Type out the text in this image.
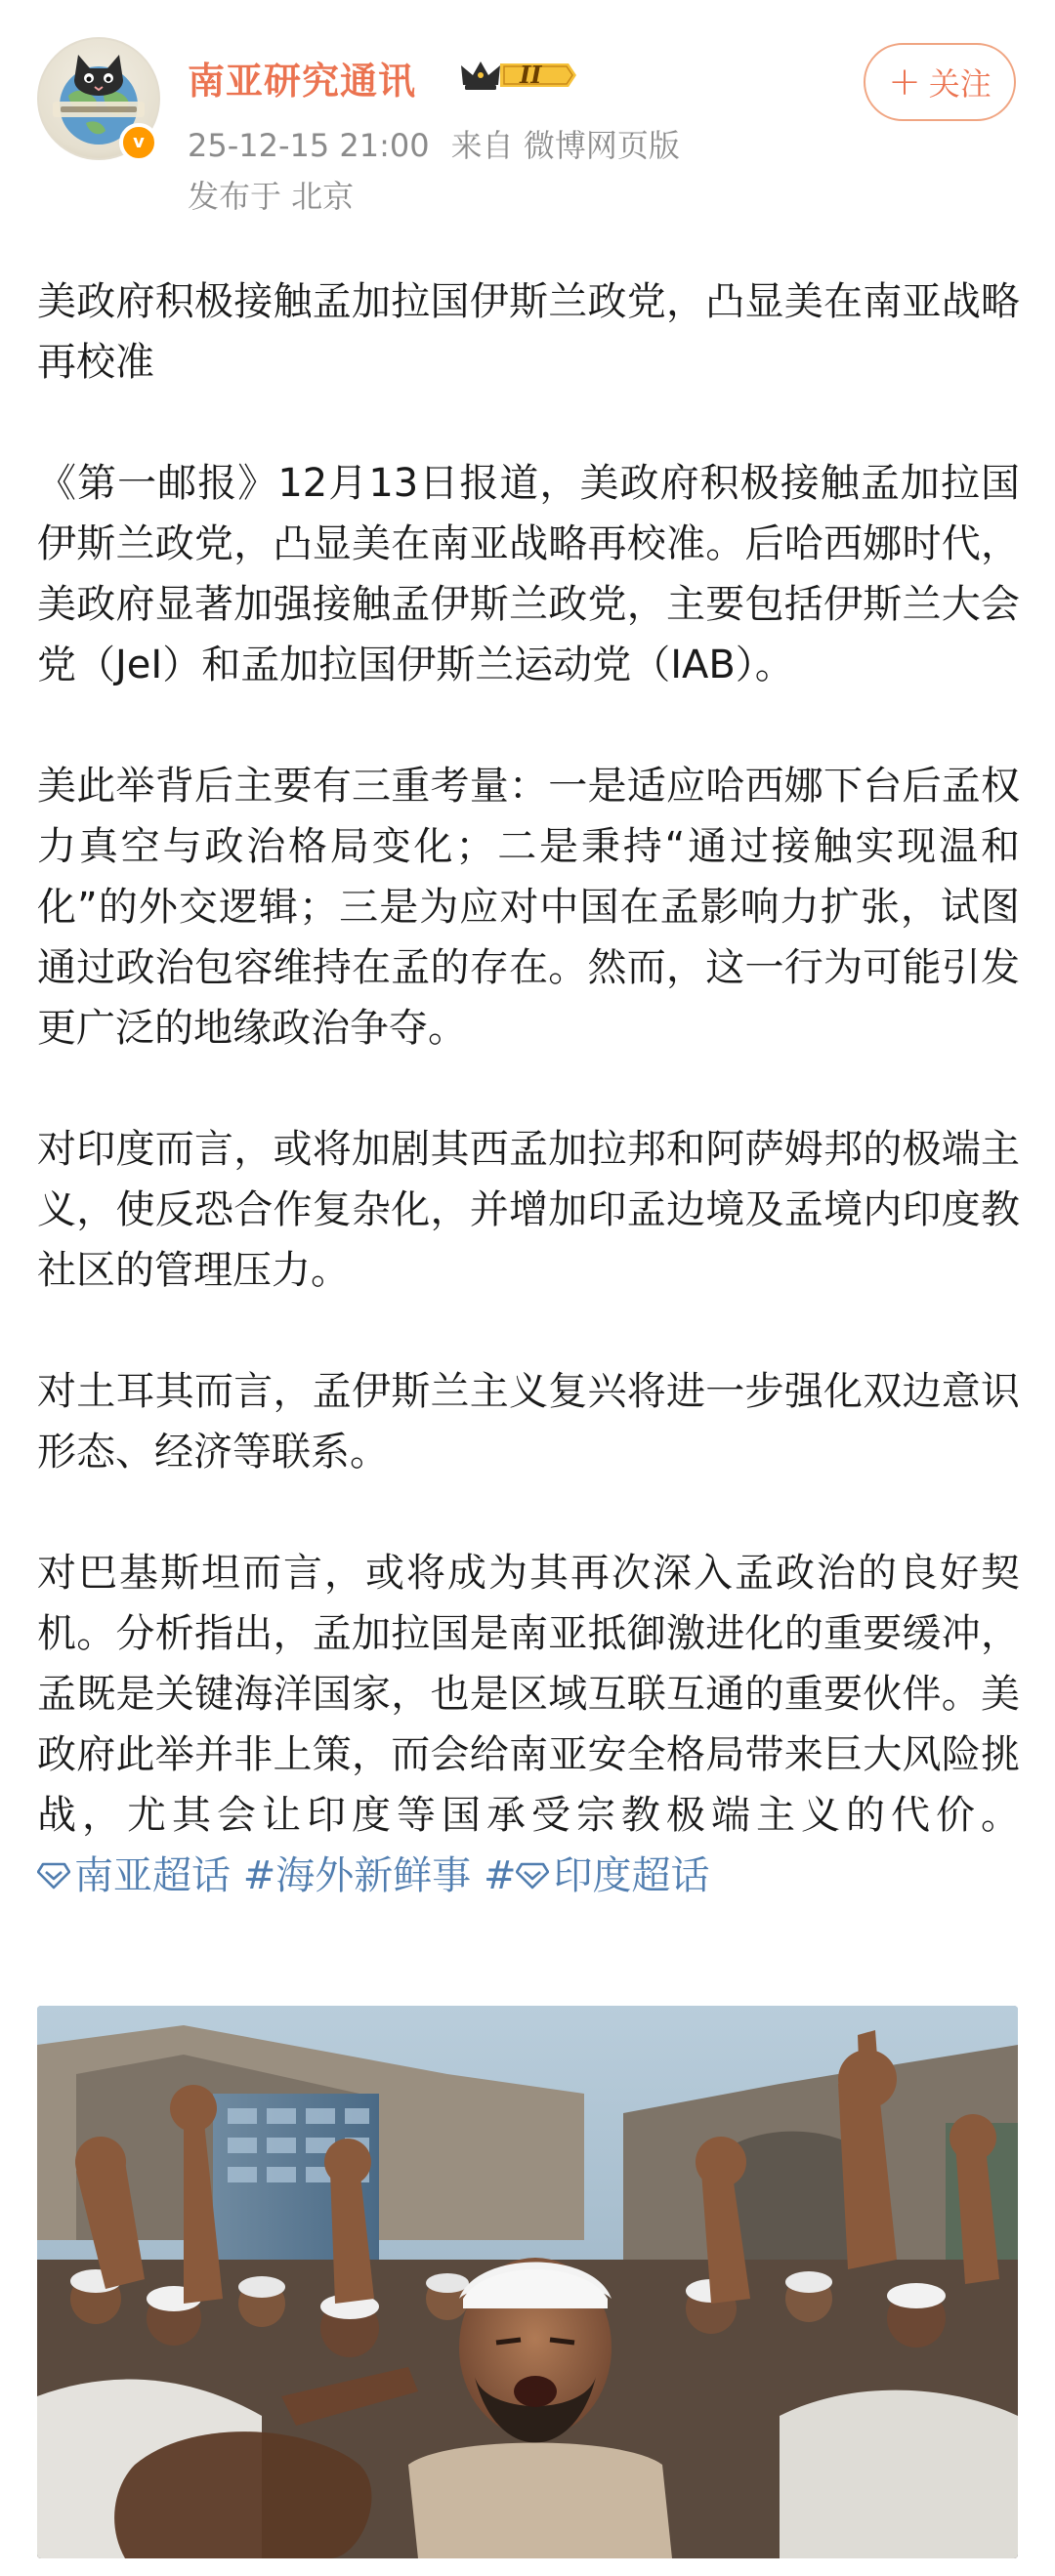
v
南亚研究通讯	II
25-12-15 21:00 来自 微博网页版
发布于 北京
+ 关注

美政府积极接触孟加拉国伊斯兰政党，凸显美在南亚战略再校准

《第一邮报》12月13日报道，美政府积极接触孟加拉国伊斯兰政党，凸显美在南亚战略再校准。后哈西娜时代，美政府显著加强接触孟伊斯兰政党，主要包括伊斯兰大会党（JeI）和孟加拉国伊斯兰运动党（IAB）。

美此举背后主要有三重考量：一是适应哈西娜下台后孟权力真空与政治格局变化；二是秉持“通过接触实现温和化”的外交逻辑；三是为应对中国在孟影响力扩张，试图通过政治包容维持在孟的存在。然而，这一行为可能引发更广泛的地缘政治争夺。

对印度而言，或将加剧其西孟加拉邦和阿萨姆邦的极端主义，使反恐合作复杂化，并增加印孟边境及孟境内印度教社区的管理压力。

对土耳其而言，孟伊斯兰主义复兴将进一步强化双边意识形态、经济等联系。

对巴基斯坦而言，或将成为其再次深入孟政治的良好契机。分析指出，孟加拉国是南亚抵御激进化的重要缓冲，孟既是关键海洋国家，也是区域互联互通的重要伙伴。美政府此举并非上策，而会给南亚安全格局带来巨大风险挑战，尤其会让印度等国承受宗教极端主义的代价。南亚超话 #海外新鲜事 # 印度超话
